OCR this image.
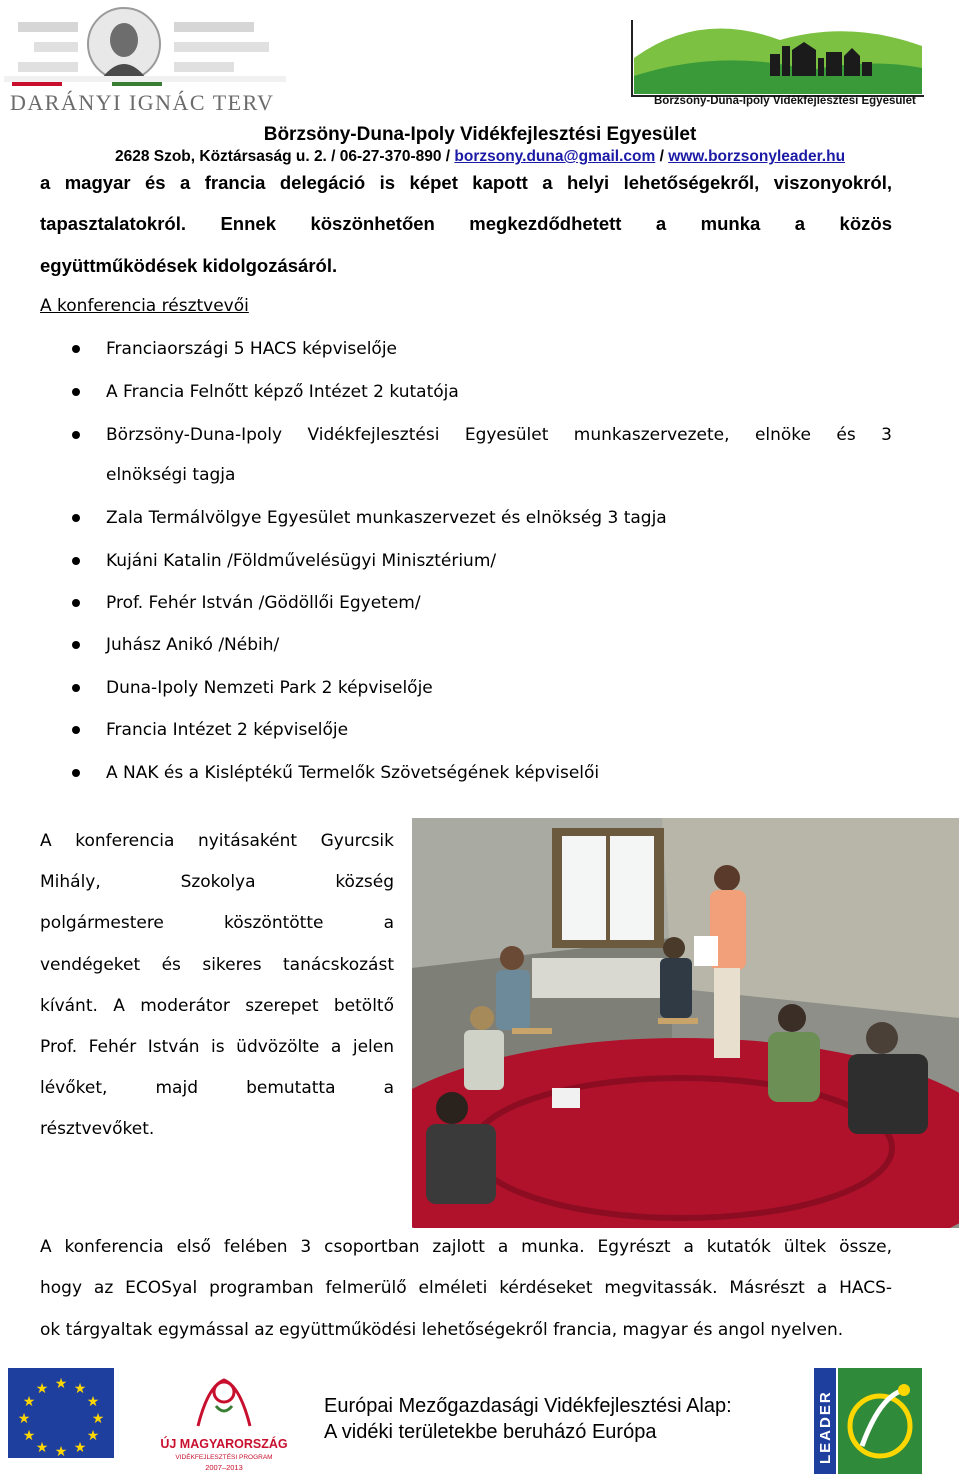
DARÁNYI IGNÁC TERV	Börzsöny-Duna-Ipoly Vidékfejlesztési Egyesület
Börzsöny-Duna-Ipoly Vidékfejlesztési Egyesület
2628 Szob, Köztársaság u. 2. / 06-27-370-890 / borzsony.duna@gmail.com / www.borzsonyleader.hu
a magyar és a francia delegáció is képet kapott a helyi lehetőségekről, viszonyokról,
tapasztalatokról. Ennek köszönhetően megkezdődhetett a munka a közös
együttműködések kidolgozásáról.
A konferencia résztvevői
Franciaországi 5 HACS képviselője
A Francia Felnőtt képző Intézet 2 kutatója
Börzsöny-Duna-Ipoly Vidékfejlesztési Egyesület munkaszervezete, elnöke és 3
elnökségi tagja
Zala Termálvölgye Egyesület munkaszervezet és elnökség 3 tagja
Kujáni Katalin /Földművelésügyi Minisztérium/
Prof. Fehér István /Gödöllői Egyetem/
Juhász Anikó /Nébih/
Duna-Ipoly Nemzeti Park 2 képviselője
Francia Intézet 2 képviselője
A NAK és a Kisléptékű Termelők Szövetségének képviselői
A konferencia nyitásaként Gyurcsik
Mihály, Szokolya község
polgármestere köszöntötte a
vendégeket és sikeres tanácskozást
kívánt. A moderátor szerepet betöltő
Prof. Fehér István is üdvözölte a jelen
lévőket, majd bemutatta a
résztvevőket.
A konferencia első felében 3 csoportban zajlott a munka. Egyrészt a kutatók ültek össze,
hogy az ECOSyal programban felmerülő elméleti kérdéseket megvitassák. Másrészt a HACS-
ok tárgyaltak egymással az együttműködési lehetőségekről francia, magyar és angol nyelven.
★ ★
★
★
★
★
★
★
★
★
★
★
ÚJ MAGYARORSZÁG
VIDÉKFEJLESZTÉSI PROGRAM
2007–2013
Európai Mezőgazdasági Vidékfejlesztési Alap:
A vidéki területekbe beruházó Európa	LEADER
